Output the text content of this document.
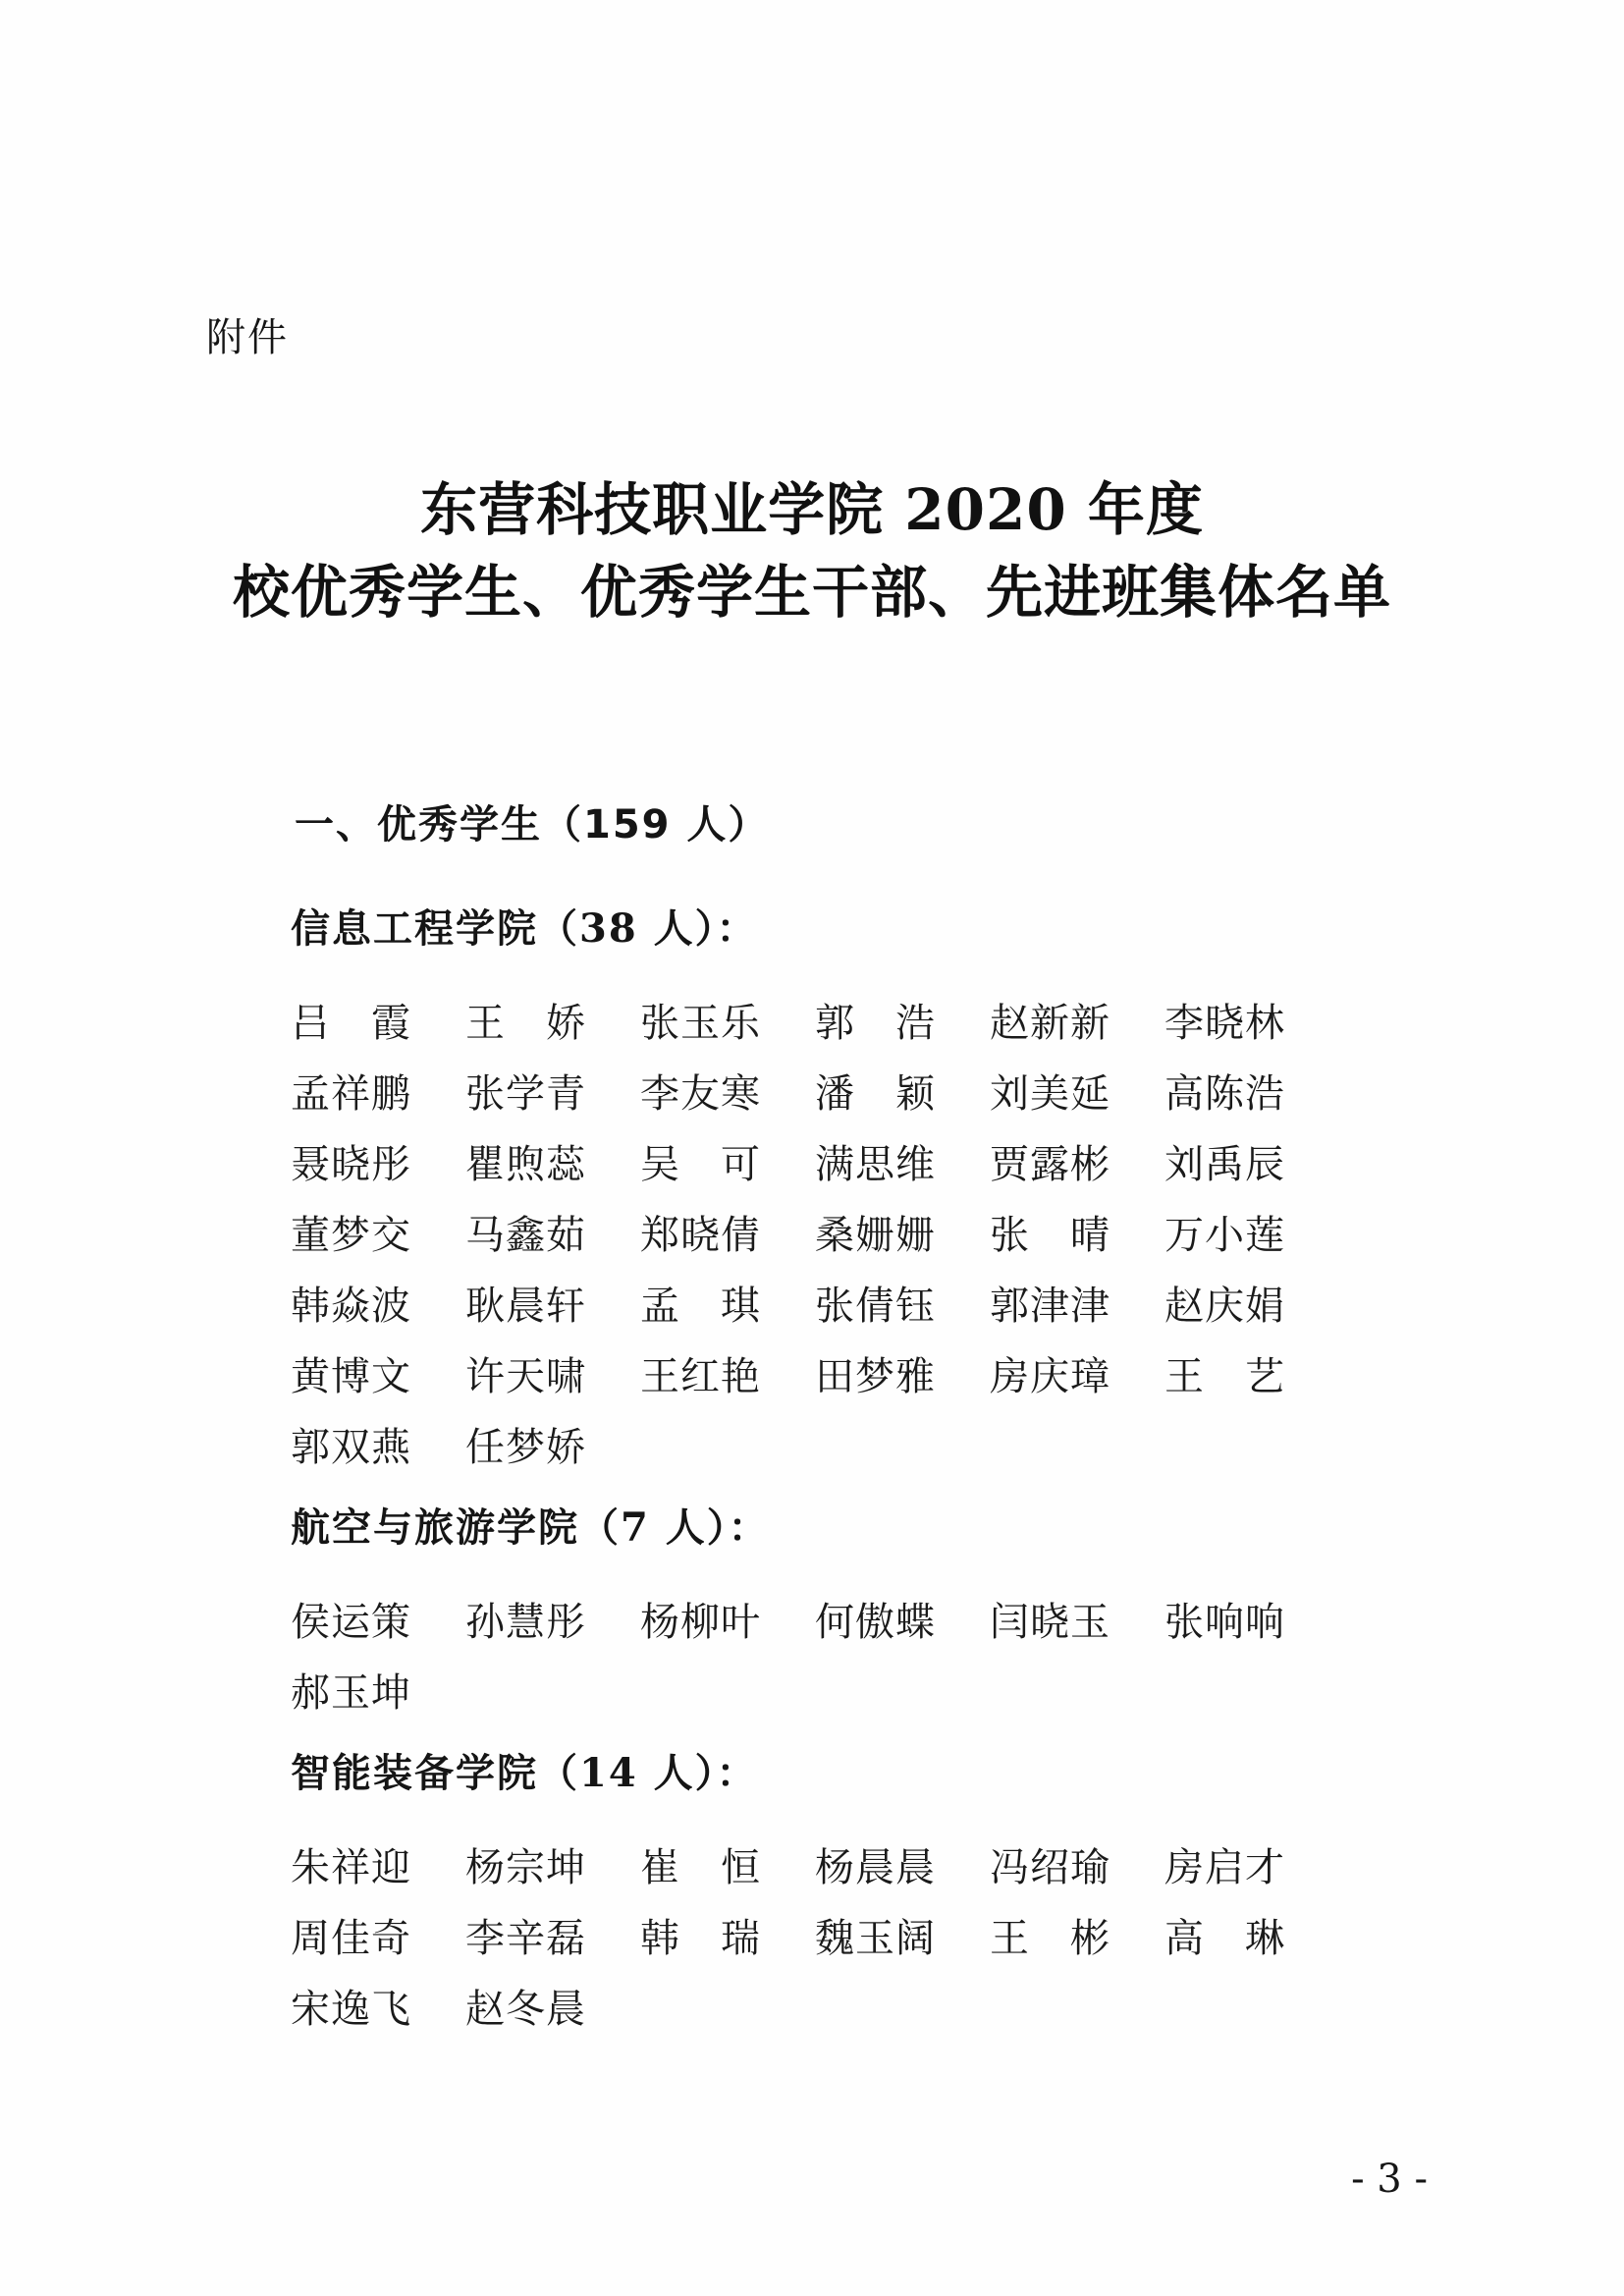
附件
东营科技职业学院 2020 年度
校优秀学生、优秀学生干部、先进班集体名单
一、优秀学生（159 人）
信息工程学院（38 人）：
吕　霞	王　娇	张玉乐	郭　浩	赵新新	李晓林
孟祥鹏	张学青	李友寒	潘　颖	刘美延	高陈浩
聂晓彤	瞿煦蕊	吴　可	满思维	贾露彬	刘禹辰
董梦交	马鑫茹	郑晓倩	桑姗姗	张　晴	万小莲
韩焱波	耿晨轩	孟　琪	张倩钰	郭津津	赵庆娟
黄博文	许天啸	王红艳	田梦雅	房庆璋	王　艺
郭双燕	任梦娇
航空与旅游学院（7 人）：
侯运策	孙慧彤	杨柳叶	何傲蝶	闫晓玉	张响响
郝玉坤
智能装备学院（14 人）：
朱祥迎	杨宗坤	崔　恒	杨晨晨	冯绍瑜	房启才
周佳奇	李辛磊	韩　瑞	魏玉阔	王　彬	高　琳
宋逸飞	赵冬晨
- 3 -
